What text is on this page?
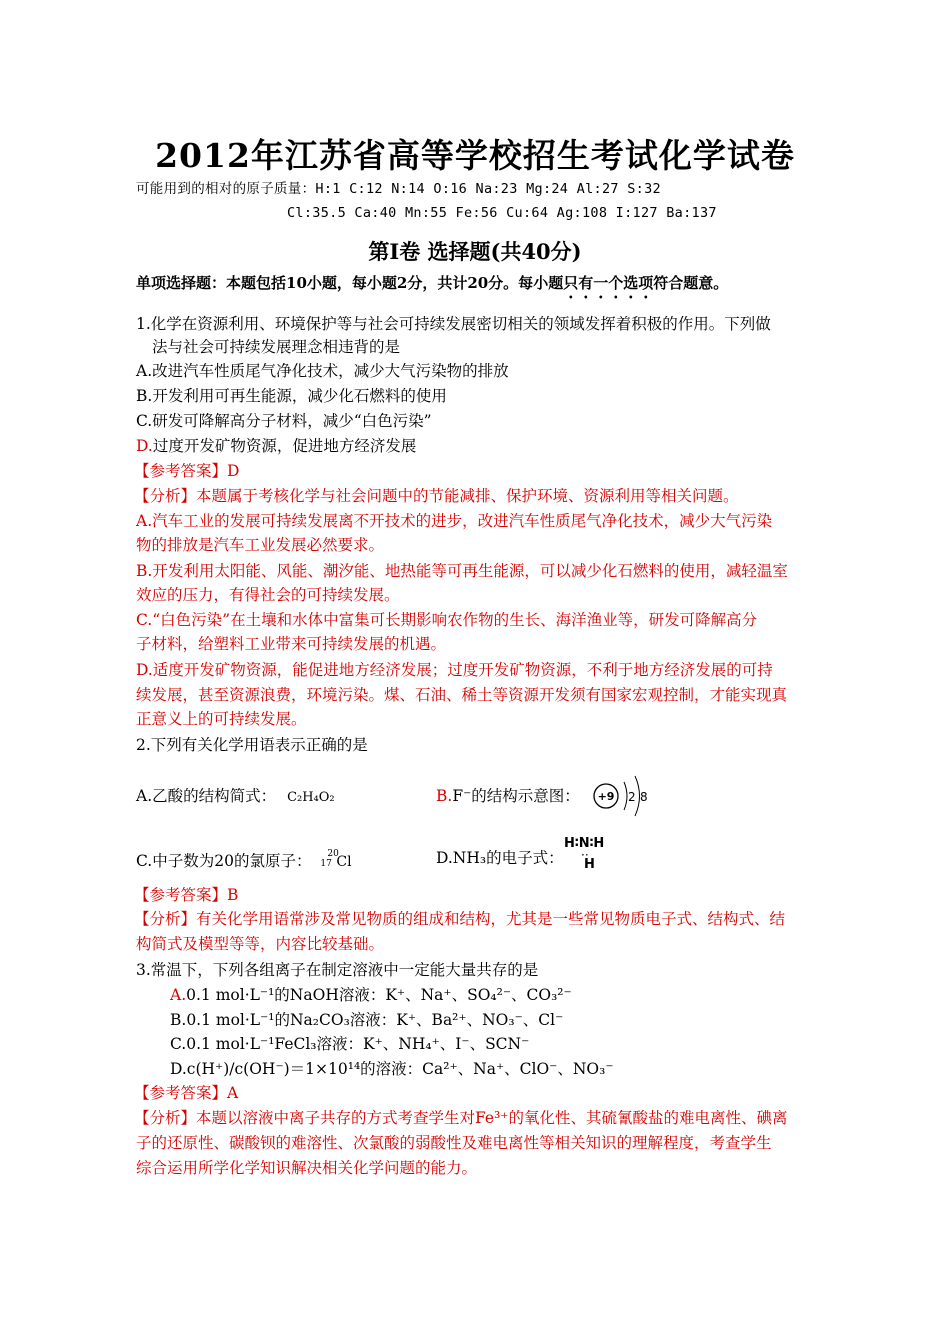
2012年江苏省高等学校招生考试化学试卷
可能用到的相对的原子质量：H:1 C:12 N:14 O:16 Na:23 Mg:24 Al:27 S:32
Cl:35.5 Ca:40 Mn:55 Fe:56 Cu:64 Ag:108 I:127 Ba:137
第I卷 选择题(共40分)
单项选择题：本题包括10小题，每小题2分，共计20分。每小题只有一个选项符合题意。
1.化学在资源利用、环境保护等与社会可持续发展密切相关的领域发挥着积极的作用。下列做
法与社会可持续发展理念相违背的是
A.改进汽车性质尾气净化技术，减少大气污染物的排放
B.开发利用可再生能源，减少化石燃料的使用
C.研发可降解高分子材料，减少“白色污染”
D.过度开发矿物资源，促进地方经济发展
【参考答案】D
【分析】本题属于考核化学与社会问题中的节能减排、保护环境、资源利用等相关问题。
A.汽车工业的发展可持续发展离不开技术的进步，改进汽车性质尾气净化技术，减少大气污染
物的排放是汽车工业发展必然要求。
B.开发利用太阳能、风能、潮汐能、地热能等可再生能源，可以减少化石燃料的使用，减轻温室
效应的压力，有得社会的可持续发展。
C.“白色污染”在土壤和水体中富集可长期影响农作物的生长、海洋渔业等，研发可降解高分
子材料，给塑料工业带来可持续发展的机遇。
D.适度开发矿物资源，能促进地方经济发展；过度开发矿物资源，不利于地方经济发展的可持
续发展，甚至资源浪费，环境污染。煤、石油、稀土等资源开发须有国家宏观控制，才能实现真
正意义上的可持续发展。
2.下列有关化学用语表示正确的是
A.乙酸的结构简式： C₂H₄O₂	B.F⁻的结构示意图： +9 2 8
C.中子数为20的氯原子： 17
20
Cl	D.NH₃的电子式：
H∶N∶H
··
H
【参考答案】B
【分析】有关化学用语常涉及常见物质的组成和结构，尤其是一些常见物质电子式、结构式、结
构简式及模型等等，内容比较基础。
3.常温下，下列各组离子在制定溶液中一定能大量共存的是
A.0.1 mol·L⁻¹的NaOH溶液：K⁺、Na⁺、SO₄²⁻、CO₃²⁻
B.0.1 mol·L⁻¹的Na₂CO₃溶液：K⁺、Ba²⁺、NO₃⁻、Cl⁻
C.0.1 mol·L⁻¹FeCl₃溶液：K⁺、NH₄⁺、I⁻、SCN⁻
D.c(H⁺)/c(OH⁻)＝1×10¹⁴的溶液：Ca²⁺、Na⁺、ClO⁻、NO₃⁻
【参考答案】A
【分析】本题以溶液中离子共存的方式考查学生对Fe³⁺的氧化性、其硫氰酸盐的难电离性、碘离
子的还原性、碳酸钡的难溶性、次氯酸的弱酸性及难电离性等相关知识的理解程度，考查学生
综合运用所学化学知识解决相关化学问题的能力。
